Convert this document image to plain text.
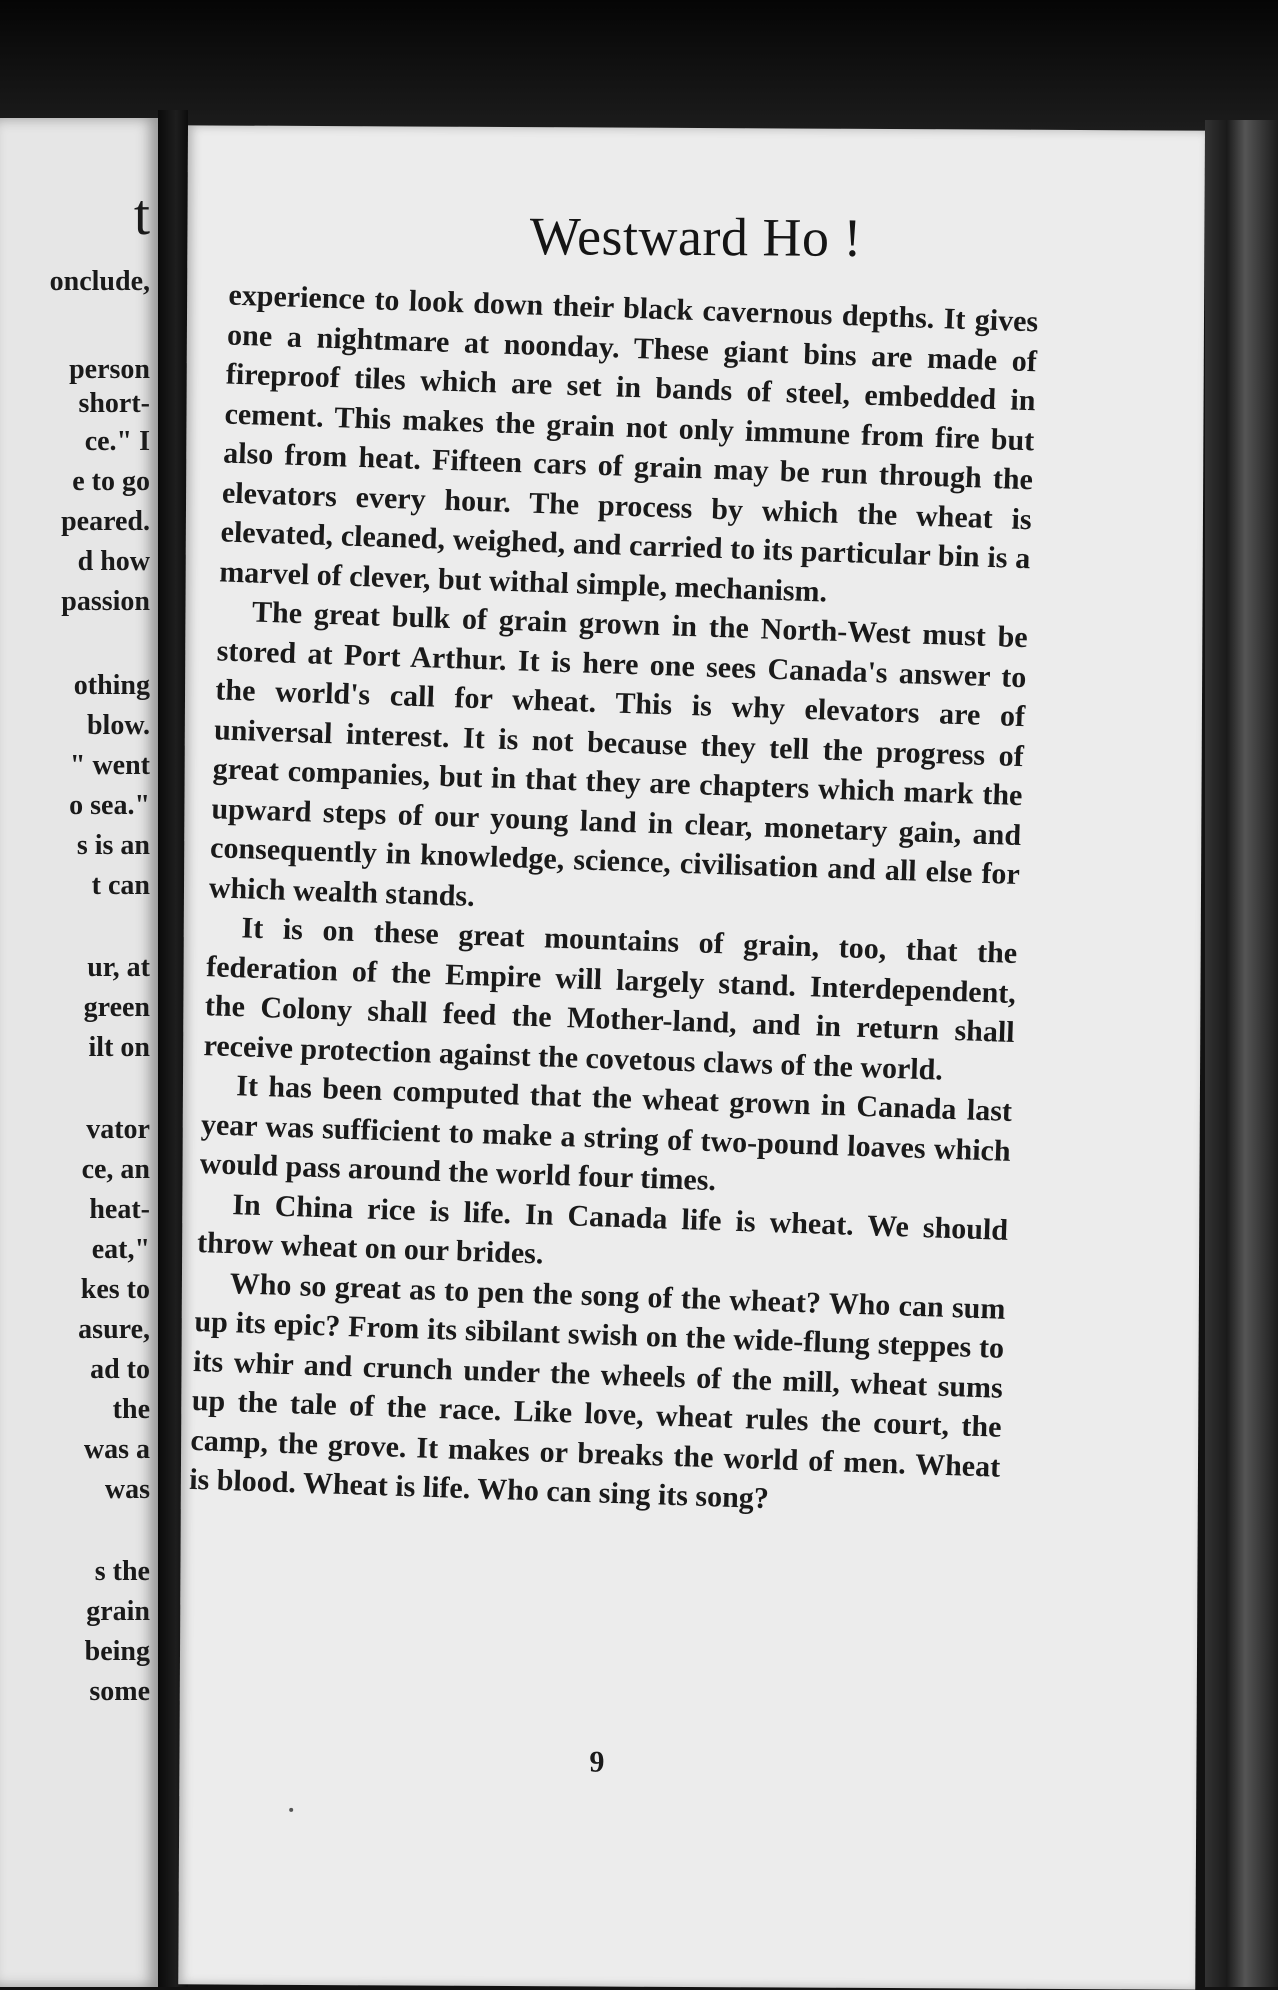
t
onclude,
person
short-
ce." I
e to go
peared.
d how
passion
othing
blow.
" went
o sea."
s is an
t can
ur, at
green
ilt on
vator
ce, an
heat-
eat,"
kes to
asure,
ad to
the
was a
was
s the
grain
being
some
Westward Ho !

experience to look down their black cavernous depths. It gives one a nightmare at noonday. These giant bins are made of fireproof tiles which are set in bands of steel, embedded in cement. This makes the grain not only immune from fire but also from heat. Fifteen cars of grain may be run through the elevators every hour. The process by which the wheat is elevated, cleaned, weighed, and carried to its particular bin is a marvel of clever, but withal simple, mechanism.

The great bulk of grain grown in the North-West must be stored at Port Arthur. It is here one sees Canada's answer to the world's call for wheat. This is why elevators are of universal interest. It is not because they tell the progress of great companies, but in that they are chapters which mark the upward steps of our young land in clear, monetary gain, and consequently in knowledge, science, civilisation and all else for which wealth stands.

It is on these great mountains of grain, too, that the federation of the Empire will largely stand. Interdependent, the Colony shall feed the Mother-land, and in return shall receive protection against the covetous claws of the world.

It has been computed that the wheat grown in Canada last year was sufficient to make a string of two-pound loaves which would pass around the world four times.

In China rice is life. In Canada life is wheat. We should throw wheat on our brides.

Who so great as to pen the song of the wheat? Who can sum up its epic? From its sibilant swish on the wide-flung steppes to its whir and crunch under the wheels of the mill, wheat sums up the tale of the race. Like love, wheat rules the court, the camp, the grove. It makes or breaks the world of men. Wheat is blood. Wheat is life. Who can sing its song?

9
